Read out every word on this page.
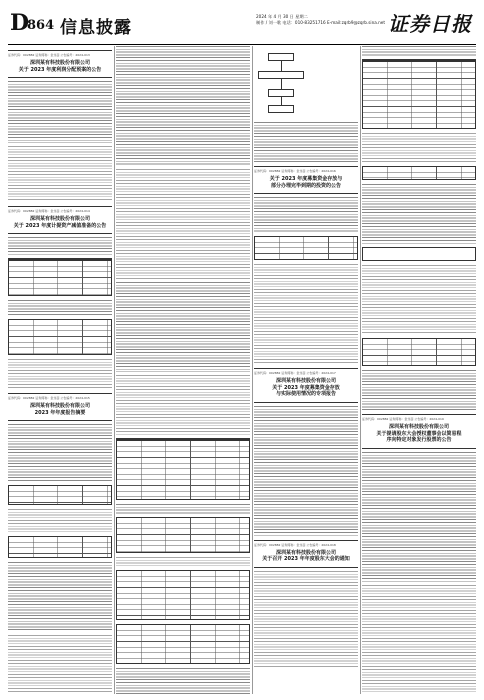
D
864 信息披露
2024 年 4 月 30 日 星期二
制作 / 刘一歌 电话：010-83251716 E-mail:zqrb9@zqrb.sina.net 证券日报
证券代码：002882 证券简称：金龙羽 公告编号：2024-013
深圳某有科技股份有限公司
关于 2023 年度利润分配预案的公告
证券代码：002882 证券简称：金龙羽 公告编号：2024-014
深圳某有科技股份有限公司
关于 2023 年度计提资产减值准备的公告
证券代码：002882 证券简称：金龙羽 公告编号：2024-015
深圳某有科技股份有限公司
2023 年年度报告摘要
证券代码：002882 证券简称：金龙羽 公告编号：2024-016
关于 2023 年度募集资金存放与
部分办理完毕到期的投资的公告
证券代码：002882 证券简称：金龙羽 公告编号：2024-017
深圳某有科技股份有限公司
关于 2023 年度募集资金存放
与实际使用情况的专项报告
证券代码：002882 证券简称：金龙羽 公告编号：2024-018
深圳某有科技股份有限公司
关于召开 2023 年年度股东大会的通知
证券代码：002882 证券简称：金龙羽 公告编号：2024-019
深圳某有科技股份有限公司
关于提请股东大会授权董事会以简易程
序向特定对象发行股票的公告
